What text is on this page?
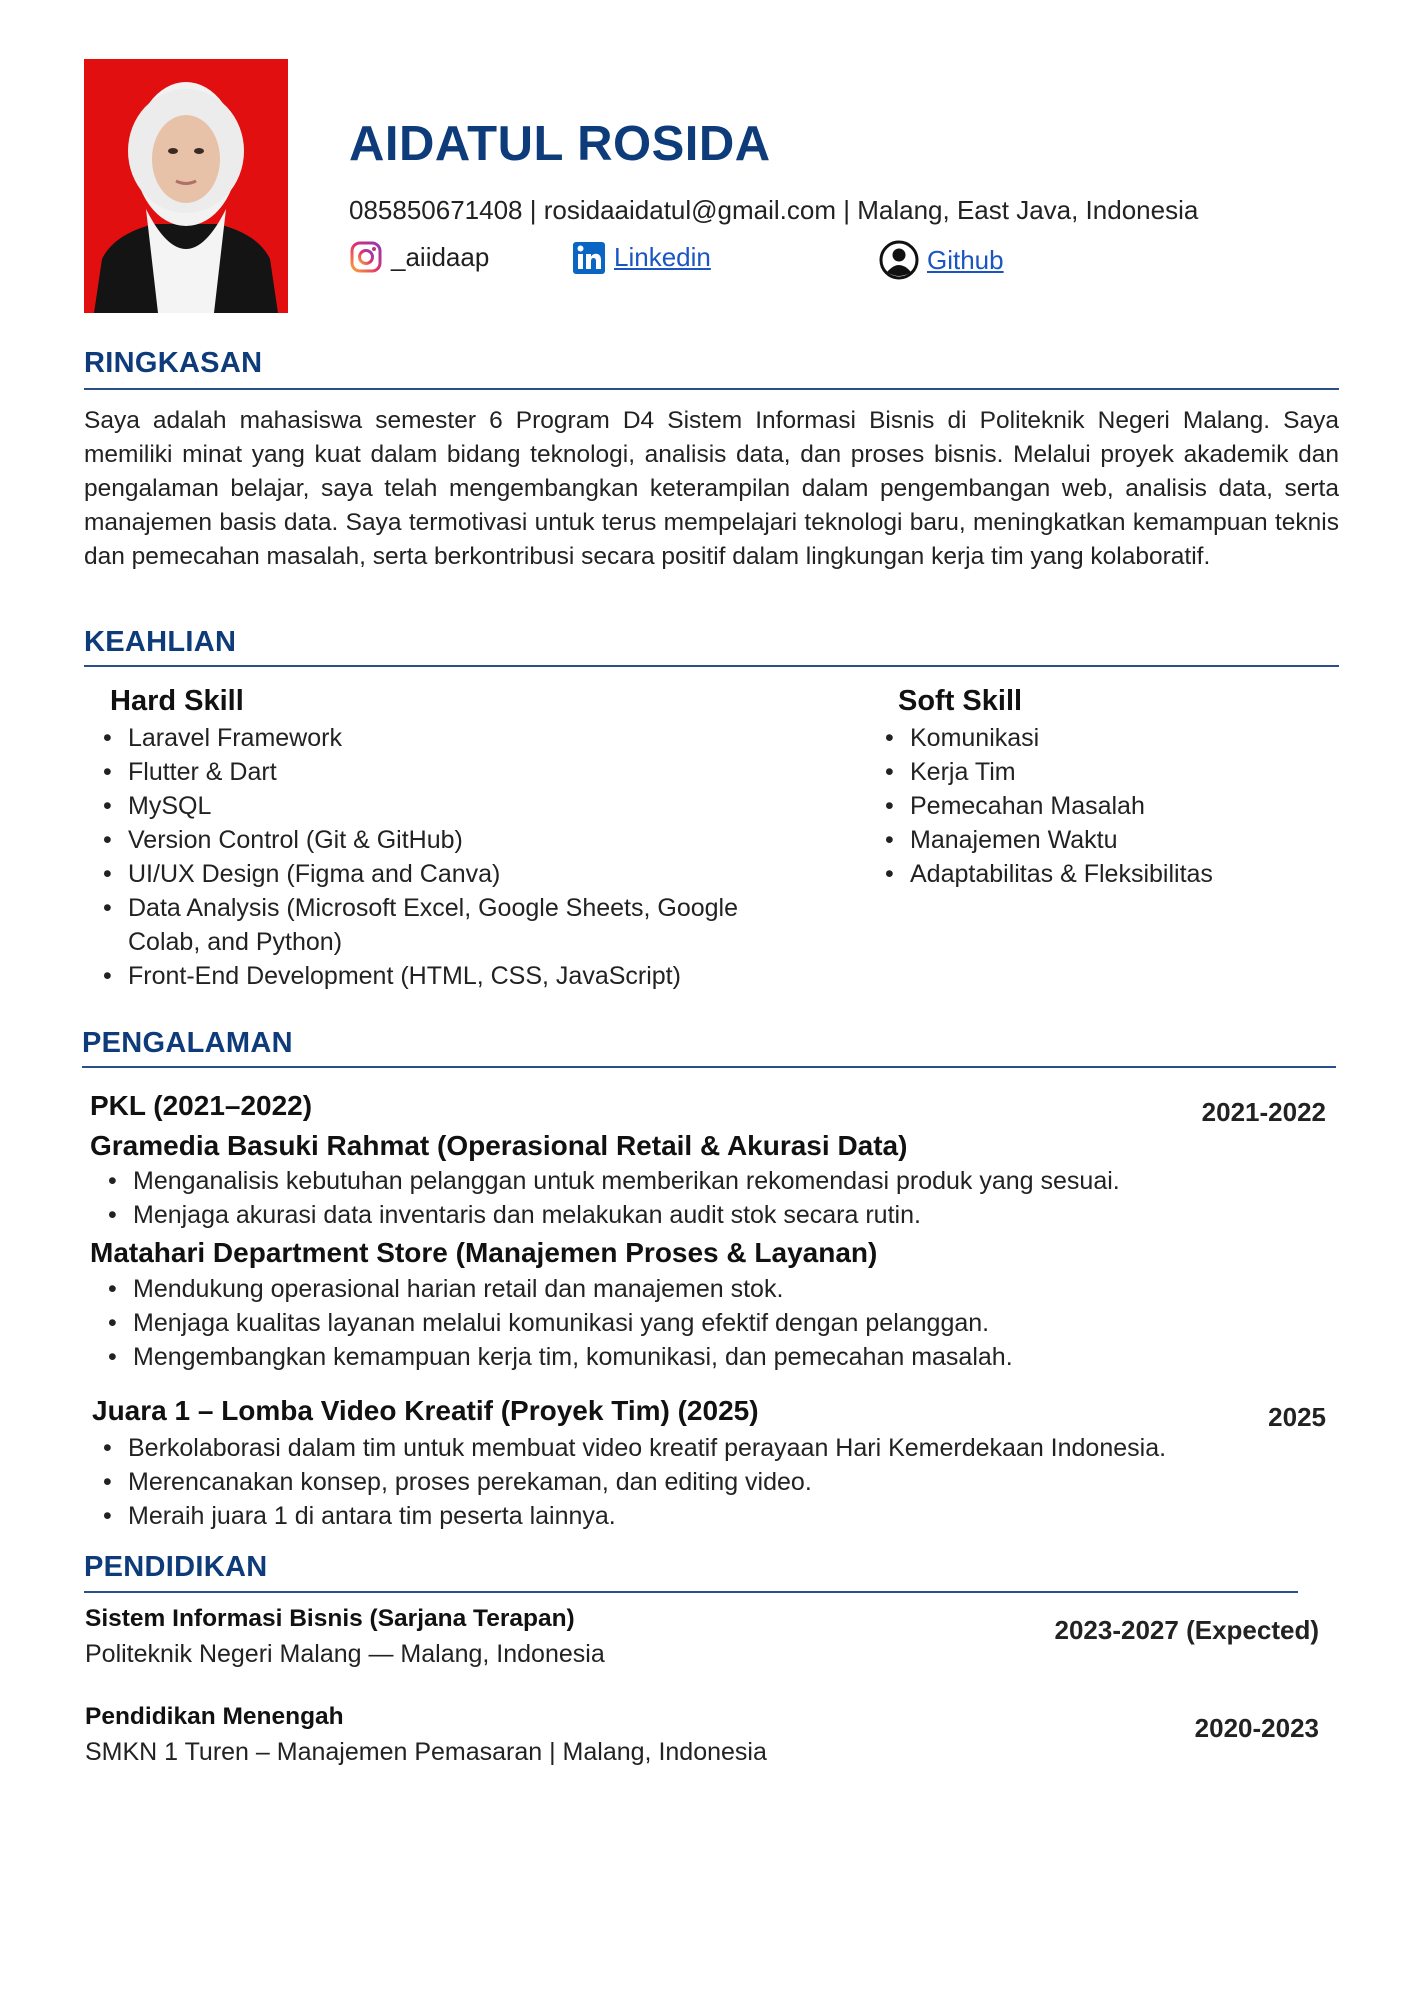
AIDATUL ROSIDA
085850671408 | rosidaaidatul@gmail.com | Malang, East Java, Indonesia
_aiidaap	Linkedin	Github
RINGKASAN
Saya adalah mahasiswa semester 6 Program D4 Sistem Informasi Bisnis di Politeknik Negeri Malang. Saya memiliki minat yang kuat dalam bidang teknologi, analisis data, dan proses bisnis. Melalui proyek akademik dan pengalaman belajar, saya telah mengembangkan keterampilan dalam pengembangan web, analisis data, serta manajemen basis data. Saya termotivasi untuk terus mempelajari teknologi baru, meningkatkan kemampuan teknis dan pemecahan masalah, serta berkontribusi secara positif dalam lingkungan kerja tim yang kolaboratif.
KEAHLIAN
Hard Skill
• Laravel Framework
• Flutter & Dart
• MySQL
• Version Control (Git & GitHub)
• UI/UX Design (Figma and Canva)
• Data Analysis (Microsoft Excel, Google Sheets, Google Colab, and Python)
• Front-End Development (HTML, CSS, JavaScript)
Soft Skill
• Komunikasi
• Kerja Tim
• Pemecahan Masalah
• Manajemen Waktu
• Adaptabilitas & Fleksibilitas
PENGALAMAN
PKL (2021–2022)	2021-2022
Gramedia Basuki Rahmat (Operasional Retail & Akurasi Data)
• Menganalisis kebutuhan pelanggan untuk memberikan rekomendasi produk yang sesuai.
• Menjaga akurasi data inventaris dan melakukan audit stok secara rutin.
Matahari Department Store (Manajemen Proses & Layanan)
• Mendukung operasional harian retail dan manajemen stok.
• Menjaga kualitas layanan melalui komunikasi yang efektif dengan pelanggan.
• Mengembangkan kemampuan kerja tim, komunikasi, dan pemecahan masalah.
Juara 1 – Lomba Video Kreatif (Proyek Tim) (2025)	2025
• Berkolaborasi dalam tim untuk membuat video kreatif perayaan Hari Kemerdekaan Indonesia.
• Merencanakan konsep, proses perekaman, dan editing video.
• Meraih juara 1 di antara tim peserta lainnya.
PENDIDIKAN
Sistem Informasi Bisnis (Sarjana Terapan)
Politeknik Negeri Malang — Malang, Indonesia
2023-2027 (Expected)
Pendidikan Menengah
SMKN 1 Turen – Manajemen Pemasaran | Malang, Indonesia
2020-2023
